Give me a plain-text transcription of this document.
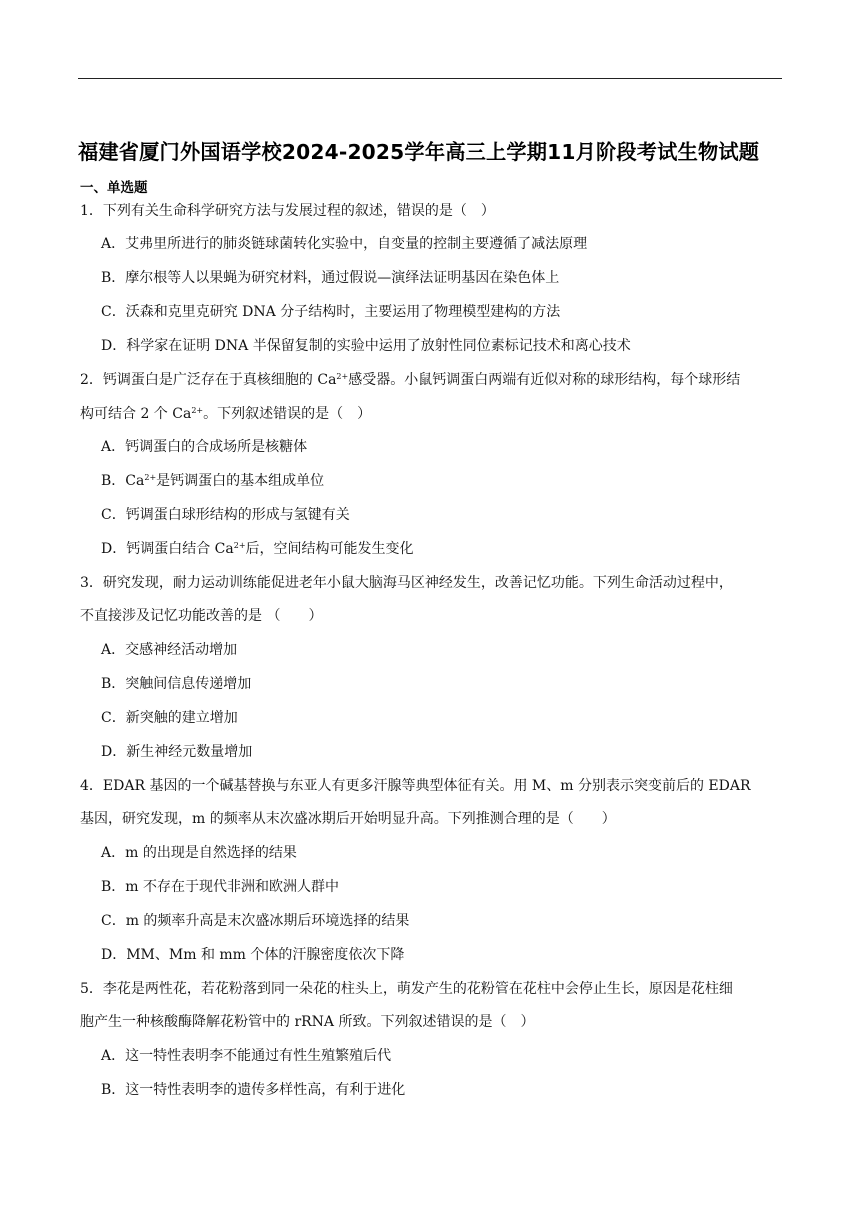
福建省厦门外国语学校2024-2025学年高三上学期11月阶段考试生物试题
一、单选题
1．下列有关生命科学研究方法与发展过程的叙述，错误的是（　）
A．艾弗里所进行的肺炎链球菌转化实验中，自变量的控制主要遵循了减法原理
B．摩尔根等人以果蝇为研究材料，通过假说—演绎法证明基因在染色体上
C．沃森和克里克研究 DNA 分子结构时，主要运用了物理模型建构的方法
D．科学家在证明 DNA 半保留复制的实验中运用了放射性同位素标记技术和离心技术
2．钙调蛋白是广泛存在于真核细胞的 $Ca^{2+}$感受器。小鼠钙调蛋白两端有近似对称的球形结构，每个球形结
构可结合 2 个 $Ca^{2+}$。下列叙述错误的是（　）
A．钙调蛋白的合成场所是核糖体
B．$Ca^{2+}$是钙调蛋白的基本组成单位
C．钙调蛋白球形结构的形成与氢键有关
D．钙调蛋白结合 $Ca^{2+}$后，空间结构可能发生变化
3．研究发现，耐力运动训练能促进老年小鼠大脑海马区神经发生，改善记忆功能。下列生命活动过程中，
不直接涉及记忆功能改善的是 （　　）
A．交感神经活动增加
B．突触间信息传递增加
C．新突触的建立增加
D．新生神经元数量增加
4．EDAR 基因的一个碱基替换与东亚人有更多汗腺等典型体征有关。用 M、m 分别表示突变前后的 EDAR
基因，研究发现，m 的频率从末次盛冰期后开始明显升高。下列推测合理的是（　　）
A．m 的出现是自然选择的结果
B．m 不存在于现代非洲和欧洲人群中
C．m 的频率升高是末次盛冰期后环境选择的结果
D．MM、Mm 和 mm 个体的汗腺密度依次下降
5．李花是两性花，若花粉落到同一朵花的柱头上，萌发产生的花粉管在花柱中会停止生长，原因是花柱细
胞产生一种核酸酶降解花粉管中的 rRNA 所致。下列叙述错误的是（　）
A．这一特性表明李不能通过有性生殖繁殖后代
B．这一特性表明李的遗传多样性高，有利于进化
